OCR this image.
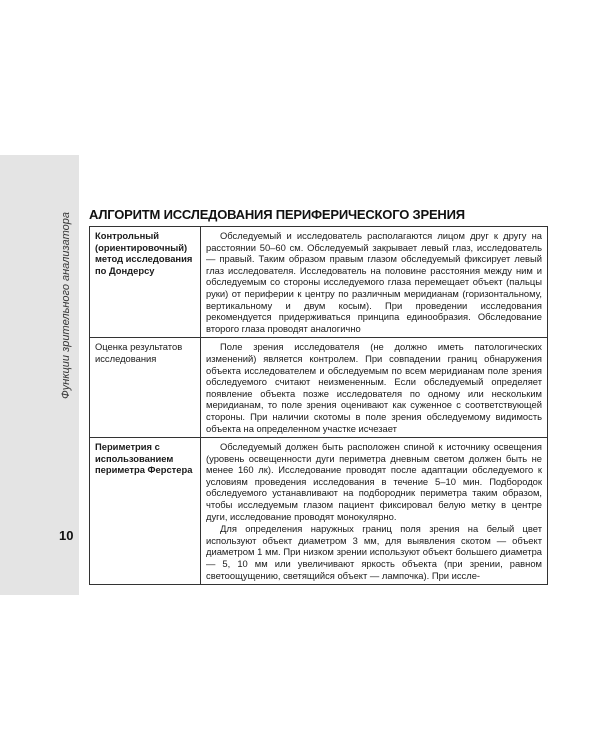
Функции зрительного анализатора
10
АЛГОРИТМ ИССЛЕДОВАНИЯ ПЕРИФЕРИЧЕСКОГО ЗРЕНИЯ
Контрольный (ориентировочный) метод исследования по Дондерсу	Обследуемый и исследователь располагаются лицом друг к другу на расстоянии 50–60 см. Обследуемый закрывает левый глаз, исследователь — правый. Таким образом правым глазом обследуемый фиксирует левый глаз исследователя. Исследователь на половине расстояния между ним и обследуемым со стороны исследуемого глаза перемещает объект (пальцы руки) от периферии к центру по различным меридианам (горизонтальному, вертикальному и двум косым). При проведении исследования рекомендуется придерживаться принципа единообразия. Обследование второго глаза проводят аналогично

Оценка результатов исследования	Поле зрения исследователя (не должно иметь патологических изменений) является контролем. При совпадении границ обнаружения объекта исследователем и обследуемым по всем меридианам поле зрения обследуемого считают неизмененным. Если обследуемый определяет появление объекта позже исследователя по одному или нескольким меридианам, то поле зрения оценивают как суженное с соответствующей стороны. При наличии скотомы в поле зрения обследуемому видимость объекта на определенном участке исчезает

Периметрия с использованием периметра Ферстера	Обследуемый должен быть расположен спиной к источнику освещения (уровень освещенности дуги периметра дневным светом должен быть не менее 160 лк). Исследование проводят после адаптации обследуемого к условиям проведения исследования в течение 5–10 мин. Подбородок обследуемого устанавливают на подбородник периметра таким образом, чтобы исследуемым глазом пациент фиксировал белую метку в центре дуги, исследование проводят монокулярно.

Для определения наружных границ поля зрения на белый цвет используют объект диаметром 3 мм, для выявления скотом — объект диаметром 1 мм. При низком зрении используют объект большего диаметра — 5, 10 мм или увеличивают яркость объекта (при зрении, равном светоощущению, светящийся объект — лампочка). При иссле-
